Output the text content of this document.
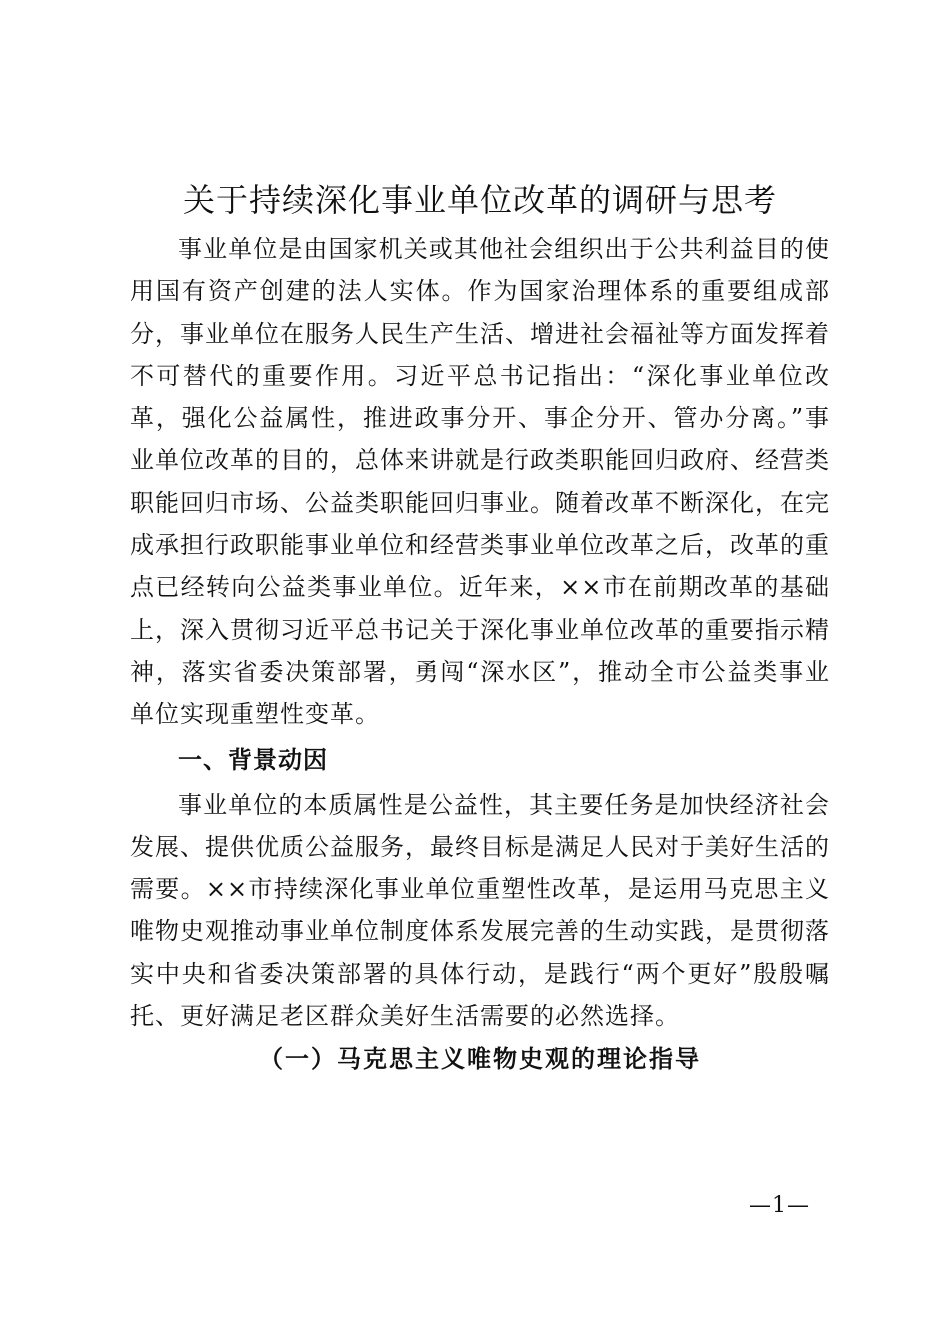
关于持续深化事业单位改革的调研与思考

事业单位是由国家机关或其他社会组织出于公共利益目的使用国有资产创建的法人实体。作为国家治理体系的重要组成部分，事业单位在服务人民生产生活、增进社会福祉等方面发挥着不可替代的重要作用。习近平总书记指出：“深化事业单位改革，强化公益属性，推进政事分开、事企分开、管办分离。”事业单位改革的目的，总体来讲就是行政类职能回归政府、经营类职能回归市场、公益类职能回归事业。随着改革不断深化，在完成承担行政职能事业单位和经营类事业单位改革之后，改革的重点已经转向公益类事业单位。近年来，××市在前期改革的基础上，深入贯彻习近平总书记关于深化事业单位改革的重要指示精神，落实省委决策部署，勇闯“深水区”，推动全市公益类事业单位实现重塑性变革。

一、背景动因

事业单位的本质属性是公益性，其主要任务是加快经济社会发展、提供优质公益服务，最终目标是满足人民对于美好生活的需要。××市持续深化事业单位重塑性改革，是运用马克思主义唯物史观推动事业单位制度体系发展完善的生动实践，是贯彻落实中央和省委决策部署的具体行动，是践行“两个更好”殷殷嘱托、更好满足老区群众美好生活需要的必然选择。

（一）马克思主义唯物史观的理论指导

—1—
